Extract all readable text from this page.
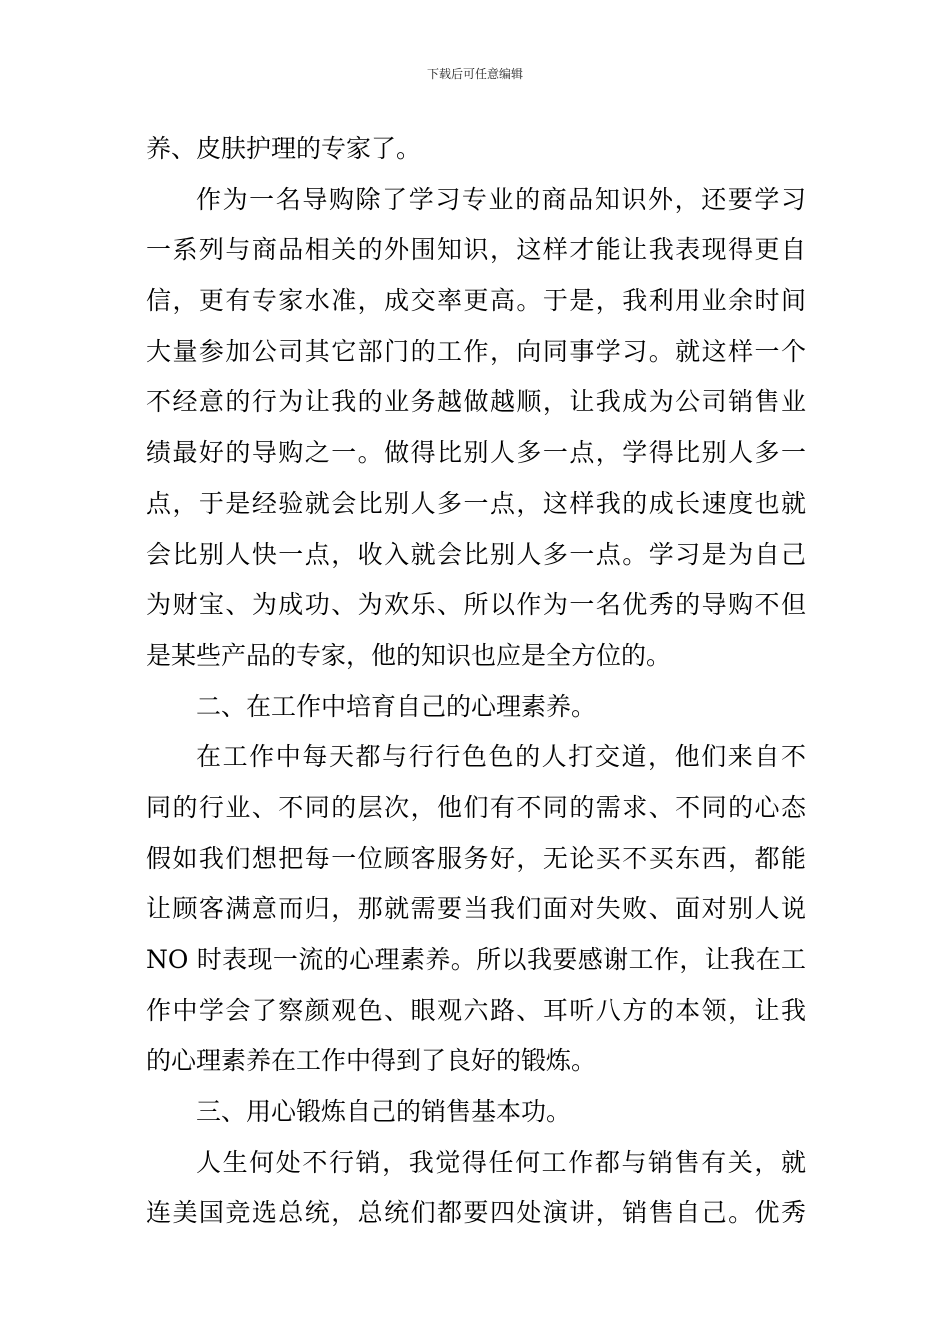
下载后可任意编辑
养、皮肤护理的专家了。
作为一名导购除了学习专业的商品知识外，还要学习
一系列与商品相关的外围知识，这样才能让我表现得更自
信，更有专家水准，成交率更高。于是，我利用业余时间
大量参加公司其它部门的工作，向同事学习。就这样一个
不经意的行为让我的业务越做越顺，让我成为公司销售业
绩最好的导购之一。做得比别人多一点，学得比别人多一
点，于是经验就会比别人多一点，这样我的成长速度也就
会比别人快一点，收入就会比别人多一点。学习是为自己
为财宝、为成功、为欢乐、所以作为一名优秀的导购不但
是某些产品的专家，他的知识也应是全方位的。
二、在工作中培育自己的心理素养。
在工作中每天都与行行色色的人打交道，他们来自不
同的行业、不同的层次，他们有不同的需求、不同的心态
假如我们想把每一位顾客服务好，无论买不买东西，都能
让顾客满意而归，那就需要当我们面对失败、面对别人说
NO 时表现一流的心理素养。所以我要感谢工作，让我在工
作中学会了察颜观色、眼观六路、耳听八方的本领，让我
的心理素养在工作中得到了良好的锻炼。
三、用心锻炼自己的销售基本功。
人生何处不行销，我觉得任何工作都与销售有关，就
连美国竞选总统，总统们都要四处演讲，销售自己。优秀
